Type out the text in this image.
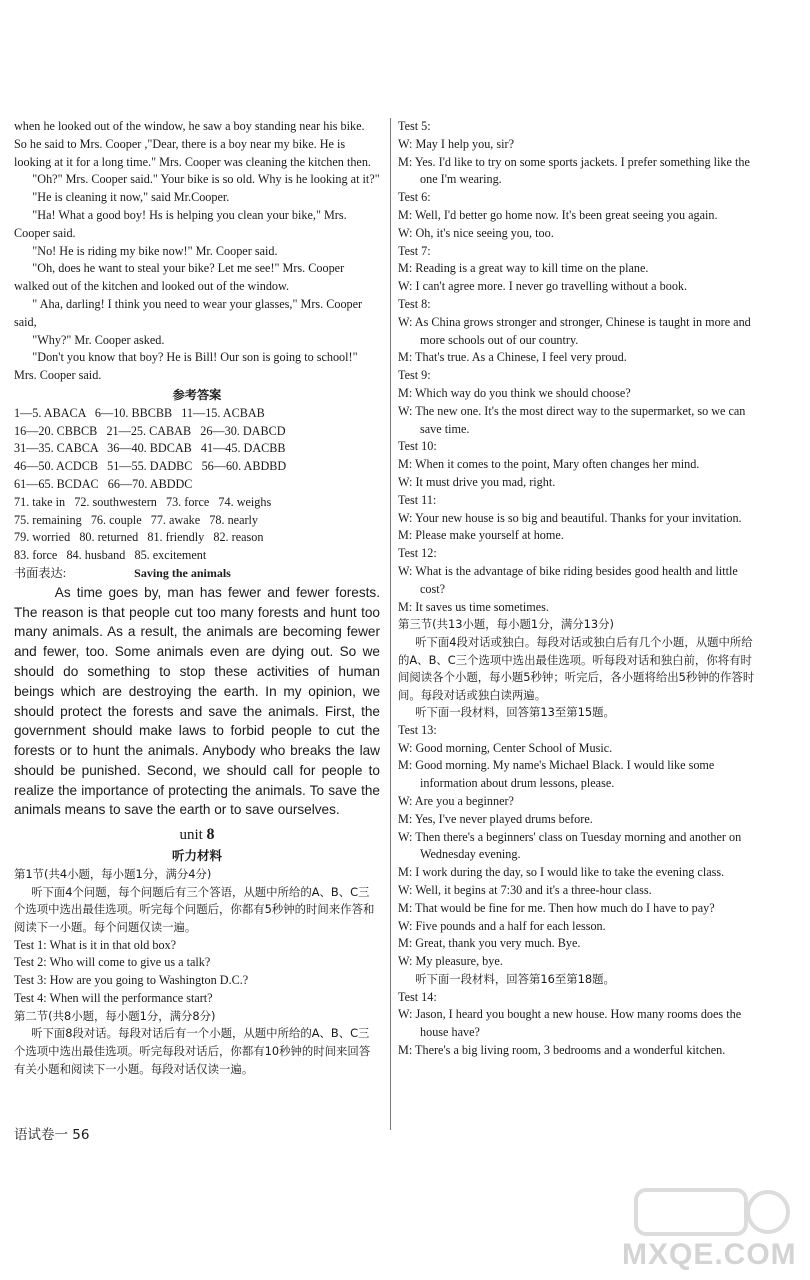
when he looked out of the window, he saw a boy standing near his bike. So he said to Mrs. Cooper ,"Dear, there is a boy near my bike. He is looking at it for a long time." Mrs. Cooper was cleaning the kitchen then.

"Oh?" Mrs. Cooper said." Your bike is so old. Why is he looking at it?"

"He is cleaning it now," said Mr.Cooper.

"Ha! What a good boy! Hs is helping you clean your bike," Mrs. Cooper said.

"No! He is riding my bike now!" Mr. Cooper said.

"Oh, does he want to steal your bike? Let me see!" Mrs. Cooper walked out of the kitchen and looked out of the window.

" Aha, darling! I think you need to wear your glasses," Mrs. Cooper said,

"Why?" Mr. Cooper asked.

"Don't you know that boy? He is Bill! Our son is going to school!" Mrs. Cooper said.

参考答案

1—5. ABACA   6—10. BBCBB   11—15. ACBAB

16—20. CBBCB   21—25. CABAB   26—30. DABCD

31—35. CABCA   36—40. BDCAB   41—45. DACBB

46—50. ACDCB   51—55. DADBC   56—60. ABDBD

61—65. BCDAC   66—70. ABDDC

71. take in   72. southwestern   73. force   74. weighs

75. remaining   76. couple   77. awake   78. nearly

79. worried   80. returned   81. friendly   82. reason

83. force   84. husband   85. excitement

书面表达:	Saving the animals

As time goes by, man has fewer and fewer forests. The reason is that people cut too many forests and hunt too many animals. As a result, the animals are becoming fewer and fewer, too. Some animals even are dying out. So we should do something to stop these activities of human beings which are destroying the earth. In my opinion, we should protect the forests and save the animals. First, the government should make laws to forbid people to cut the forests or to hunt the animals. Anybody who breaks the law should be punished. Second, we should call for people to realize the importance of protecting the animals. To save the animals means to save the earth or to save ourselves.

unit 8

听力材料

第1节(共4小题，每小题1分，满分4分)

听下面4个问题，每个问题后有三个答语，从题中所给的A、B、C三个选项中选出最佳选项。听完每个问题后，你都有5秒钟的时间来作答和阅读下一小题。每个问题仅读一遍。

Test 1: What is it in that old box?

Test 2: Who will come to give us a talk?

Test 3: How are you going to Washington D.C.?

Test 4: When will the performance start?

第二节(共8小题，每小题1分，满分8分)

听下面8段对话。每段对话后有一个小题，从题中所给的A、B、C三个选项中选出最佳选项。听完每段对话后，你都有10秒钟的时间来回答有关小题和阅读下一小题。每段对话仅读一遍。

Test 5:

W: May I help you, sir?

M: Yes. I'd like to try on some sports jackets. I prefer something like the one I'm wearing.

Test 6:

M: Well, I'd better go home now. It's been great seeing you again.

W: Oh, it's nice seeing you, too.

Test 7:

M: Reading is a great way to kill time on the plane.

W: I can't agree more. I never go travelling without a book.

Test 8:

W: As China grows stronger and stronger, Chinese is taught in more and more schools out of our country.

M: That's true. As a Chinese, I feel very proud.

Test 9:

M: Which way do you think we should choose?

W: The new one. It's the most direct way to the supermarket, so we can save time.

Test 10:

M: When it comes to the point, Mary often changes her mind.

W: It must drive you mad, right.

Test 11:

W: Your new house is so big and beautiful. Thanks for your invitation.

M: Please make yourself at home.

Test 12:

W: What is the advantage of bike riding besides good health and little cost?

M: It saves us time sometimes.

第三节(共13小题，每小题1分，满分13分)

听下面4段对话或独白。每段对话或独白后有几个小题，从题中所给的A、B、C三个选项中选出最佳选项。听每段对话和独白前，你将有时间阅读各个小题，每小题5秒钟；听完后，各小题将给出5秒钟的作答时间。每段对话或独白读两遍。

听下面一段材料，回答第13至第15题。

Test 13:

W: Good morning, Center School of Music.

M: Good morning. My name's Michael Black. I would like some information about drum lessons, please.

W: Are you a beginner?

M: Yes, I've never played drums before.

W: Then there's a beginners' class on Tuesday morning and another on Wednesday evening.

M: I work during the day, so I would like to take the evening class.

W: Well, it begins at 7:30 and it's a three-hour class.

M: That would be fine for me. Then how much do I have to pay?

W: Five pounds and a half for each lesson.

M: Great, thank you very much. Bye.

W: My pleasure, bye.

听下面一段材料，回答第16至第18题。

Test 14:

W: Jason, I heard you bought a new house. How many rooms does the house have?

M: There's a big living room, 3 bedrooms and a wonderful kitchen.

语试卷一 56
MXQE.COM
